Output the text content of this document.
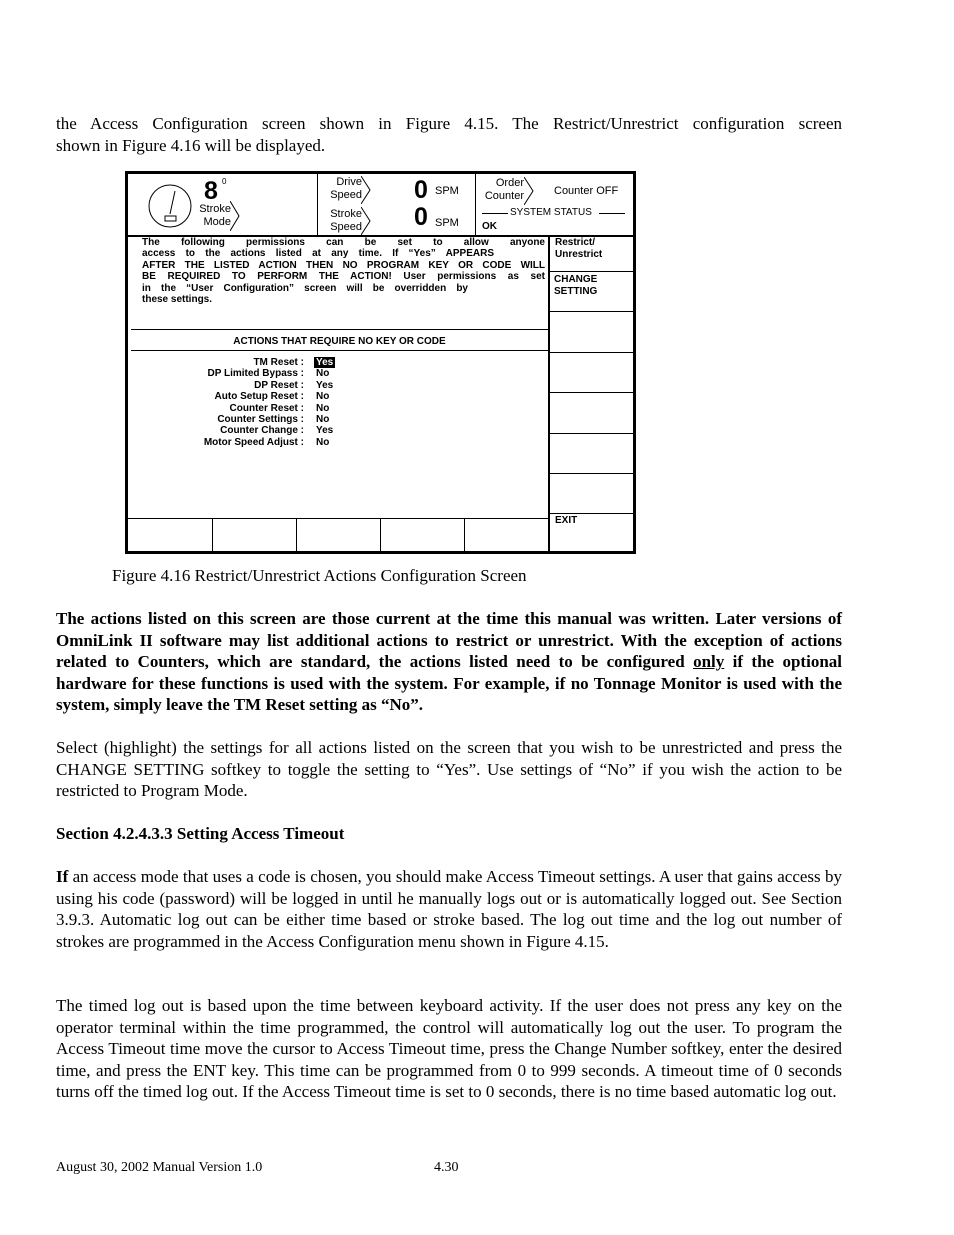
the Access Configuration screen shown in Figure 4.15. The Restrict/Unrestrict configuration screen
shown in Figure 4.16 will be displayed.
8 0
Stroke
Mode
Drive
Speed 0 SPM
Stroke
Speed 0 SPM
Order
Counter	Counter OFF
SYSTEM STATUS
OK
Restrict/
Unrestrict
CHANGE
SETTING
EXIT
The following permissions can be set to allow anyone
access to the actions listed at any time. If “Yes” APPEARS
AFTER THE LISTED ACTION THEN NO PROGRAM KEY OR CODE WILL
BE REQUIRED TO PERFORM THE ACTION! User permissions as set
in the “User Configuration” screen will be overridden by
these settings.
ACTIONS THAT REQUIRE NO KEY OR CODE
TM Reset :
DP Limited Bypass :
DP Reset :
Auto Setup Reset :
Counter Reset :
Counter Settings :
Counter Change :
Motor Speed Adjust :
Yes
No
Yes
No
No
No
Yes
No
Figure 4.16 Restrict/Unrestrict Actions Configuration Screen

The actions listed on this screen are those current at the time this manual was written. Later versions of OmniLink II software may list additional actions to restrict or unrestrict. With the exception of actions related to Counters, which are standard, the actions listed need to be configured only if the optional hardware for these functions is used with the system. For example, if no Tonnage Monitor is used with the system, simply leave the TM Reset setting as “No”.

Select (highlight) the settings for all actions listed on the screen that you wish to be unrestricted and press the CHANGE SETTING softkey to toggle the setting to “Yes”. Use settings of “No” if you wish the action to be restricted to Program Mode.

Section 4.2.4.3.3 Setting Access Timeout

If an access mode that uses a code is chosen, you should make Access Timeout settings. A user that gains access by using his code (password) will be logged in until he manually logs out or is automatically logged out. See Section 3.9.3. Automatic log out can be either time based or stroke based. The log out time and the log out number of strokes are programmed in the Access Configuration menu shown in Figure 4.15.

The timed log out is based upon the time between keyboard activity. If the user does not press any key on the operator terminal within the time programmed, the control will automatically log out the user. To program the Access Timeout time move the cursor to Access Timeout time, press the Change Number softkey, enter the desired time, and press the ENT key. This time can be programmed from 0 to 999 seconds. A timeout time of 0 seconds turns off the timed log out. If the Access Timeout time is set to 0 seconds, there is no time based automatic log out.

August 30, 2002 Manual Version 1.0	4.30
